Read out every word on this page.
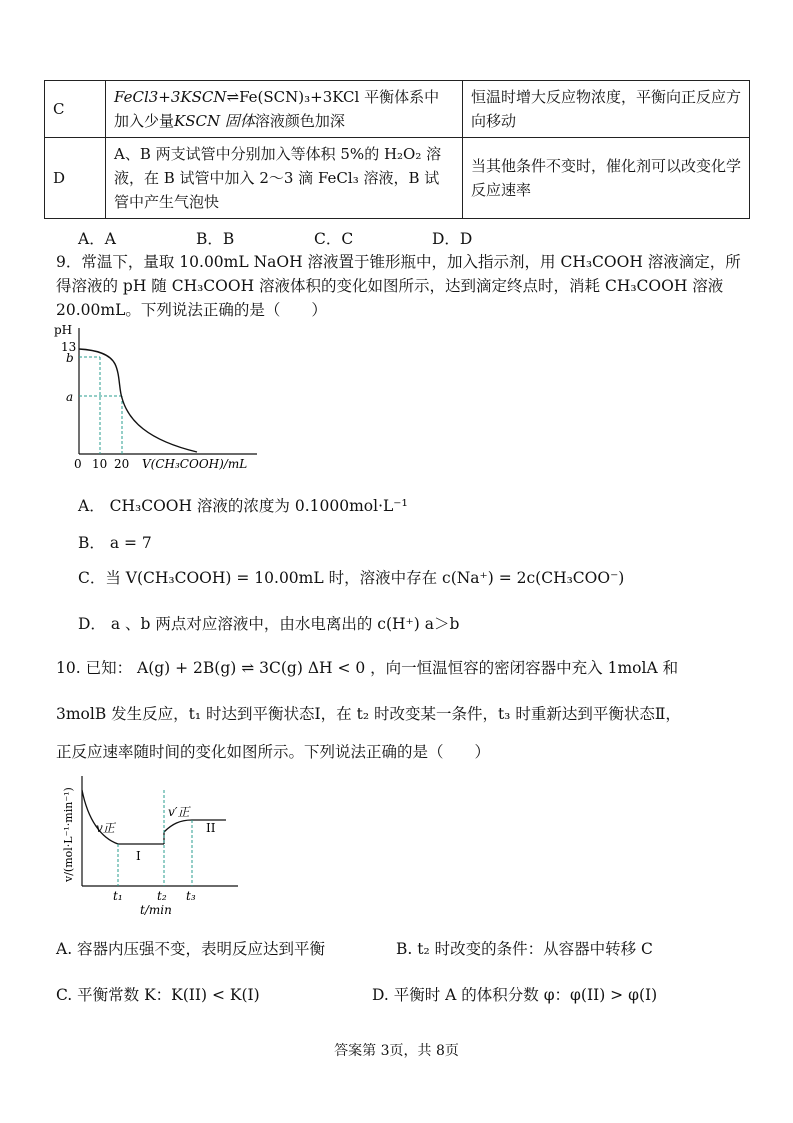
C	FeCl3+3KSCN⇌Fe(SCN)₃+3KCl 平衡体系中加入少量KSCN 固体溶液颜色加深	恒温时增大反应物浓度，平衡向正反应方向移动
D	A、B 两支试管中分别加入等体积 5%的 H₂O₂ 溶液，在 B 试管中加入 2～3 滴 FeCl₃ 溶液，B 试管中产生气泡快	当其他条件不变时，催化剂可以改变化学反应速率
A．A	B．B	C．C	D．D
9．常温下，量取 10.00mL NaOH 溶液置于锥形瓶中，加入指示剂，用 CH₃COOH 溶液滴定，所得溶液的 pH 随 CH₃COOH 溶液体积的变化如图所示，达到滴定终点时，消耗 CH₃COOH 溶液 20.00mL。下列说法正确的是（　　）
pH
13
b
a
0 10 20 V(CH₃COOH)/mL
A． CH₃COOH 溶液的浓度为 0.1000mol·L⁻¹
B． a = 7
C．当 V(CH₃COOH) = 10.00mL 时，溶液中存在 c(Na⁺) = 2c(CH₃COO⁻)
D． a 、b 两点对应溶液中，由水电离出的 c(H⁺) a＞b
10. 已知： A(g) + 2B(g) ⇌ 3C(g) ΔH < 0 ，向一恒温恒容的密闭容器中充入 1molA 和
3molB 发生反应，t₁ 时达到平衡状态Ⅰ，在 t₂ 时改变某一条件，t₃ 时重新达到平衡状态Ⅱ，
正反应速率随时间的变化如图所示。下列说法正确的是（　　）
v/(mol·L⁻¹·min⁻¹) v正
v′正
I
II
t₁	t₂ t₃
t/min
A. 容器内压强不变，表明反应达到平衡	B. t₂ 时改变的条件：从容器中转移 C
C. 平衡常数 K：K(II) < K(I)	D. 平衡时 A 的体积分数 φ：φ(II) > φ(I)
答案第 3页，共 8页
